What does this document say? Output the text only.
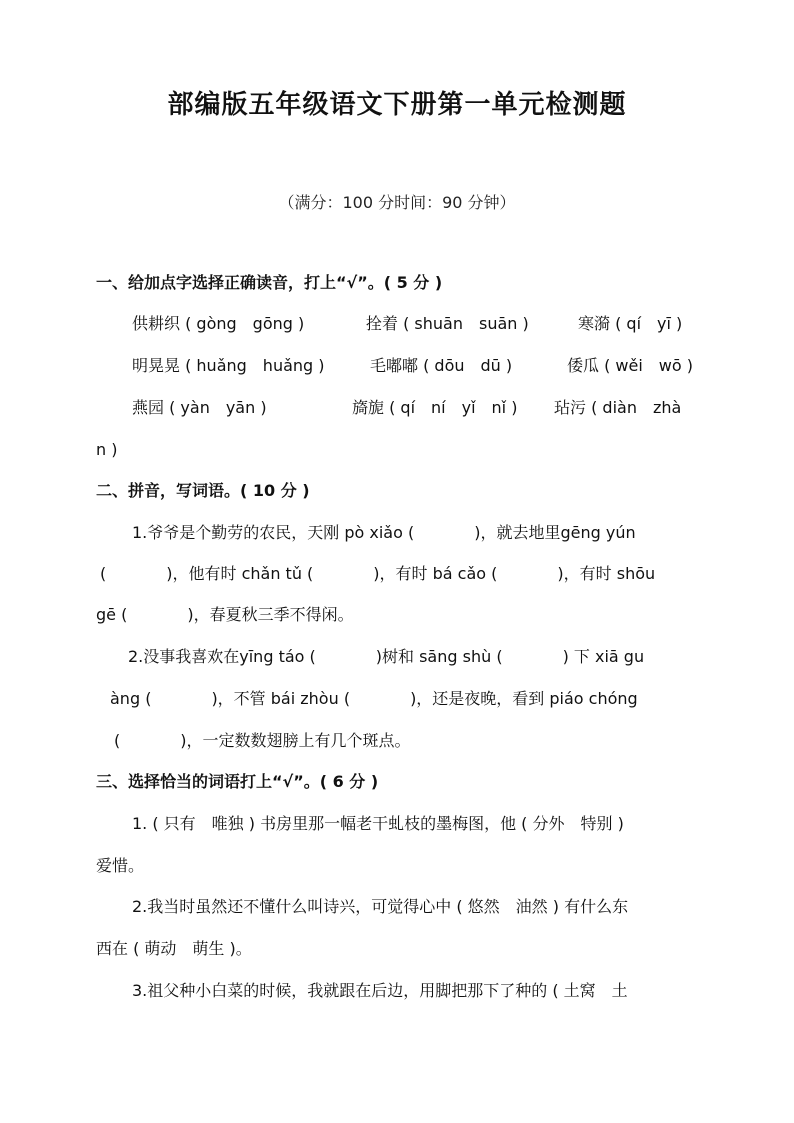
部编版五年级语文下册第一单元检测题
（满分：100 分时间：90 分钟）
一、给加点字选择正确读音，打上“√”。( 5 分 )
供耕织 ( gòng　gōng )	拴着 ( shuān　suān )	寒漪 ( qí　yī )
明晃晃 ( huǎng　huǎng )	毛嘟嘟 ( dōu　dū )	倭瓜 ( wěi　wō )
燕园 ( yàn　yān )	旖旎 ( qí　ní　yǐ　nǐ ) 玷污 ( diàn　zhà
n )
二、拼音，写词语。( 10 分 )
1.爷爷是个勤劳的农民，天刚 pò xiǎo (	)，就去地里gēng yún
(	)，他有时 chǎn tǔ (	)，有时 bá cǎo (	)，有时 shōu
gē (	)，春夏秋三季不得闲。
2.没事我喜欢在yīng táo (	)树和 sāng shù (	) 下 xiā gu
àng (	)，不管 bái zhòu (	)，还是夜晚，看到 piáo chóng
(	)，一定数数翅膀上有几个斑点。
三、选择恰当的词语打上“√”。( 6 分 )
1. ( 只有　唯独 ) 书房里那一幅老干虬枝的墨梅图，他 ( 分外　特别 )
爱惜。
2.我当时虽然还不懂什么叫诗兴，可觉得心中 ( 悠然　油然 ) 有什么东
西在 ( 萌动　萌生 )。
3.祖父种小白菜的时候，我就跟在后边，用脚把那下了种的 ( 土窝　土
